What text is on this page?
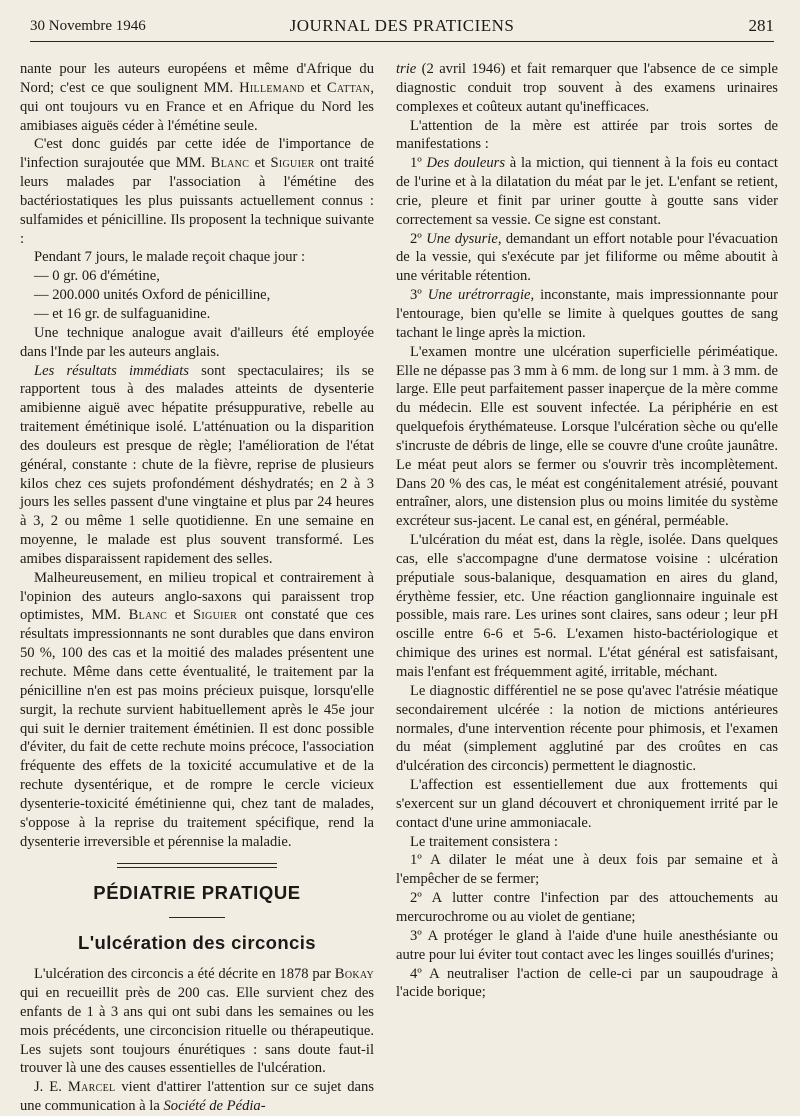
30 Novembre 1946	JOURNAL DES PRATICIENS	281

nante pour les auteurs européens et même d'Afrique du Nord; c'est ce que soulignent MM. Hillemand et Cattan, qui ont toujours vu en France et en Afrique du Nord les amibiases aiguës céder à l'émétine seule.

C'est donc guidés par cette idée de l'importance de l'infection surajoutée que MM. Blanc et Siguier ont traité leurs malades par l'association à l'émétine des bactériostatiques les plus puissants actuellement connus : sulfamides et pénicilline. Ils proposent la technique suivante :

Pendant 7 jours, le malade reçoit chaque jour :

— 0 gr. 06 d'émétine,

— 200.000 unités Oxford de pénicilline,

— et 16 gr. de sulfaguanidine.

Une technique analogue avait d'ailleurs été employée dans l'Inde par les auteurs anglais.

Les résultats immédiats sont spectaculaires; ils se rapportent tous à des malades atteints de dysenterie amibienne aiguë avec hépatite présuppurative, rebelle au traitement émétinique isolé. L'atténuation ou la disparition des douleurs est presque de règle; l'amélioration de l'état général, constante : chute de la fièvre, reprise de plusieurs kilos chez ces sujets profondément déshydratés; en 2 à 3 jours les selles passent d'une vingtaine et plus par 24 heures à 3, 2 ou même 1 selle quotidienne. En une semaine en moyenne, le malade est plus souvent transformé. Les amibes disparaissent rapidement des selles.

Malheureusement, en milieu tropical et contrairement à l'opinion des auteurs anglo-saxons qui paraissent trop optimistes, MM. Blanc et Siguier ont constaté que ces résultats impressionnants ne sont durables que dans environ 50 %, 100 des cas et la moitié des malades présentent une rechute. Même dans cette éventualité, le traitement par la pénicilline n'en est pas moins précieux puisque, lorsqu'elle surgit, la rechute survient habituellement après le 45e jour qui suit le dernier traitement émétinien. Il est donc possible d'éviter, du fait de cette rechute moins précoce, l'association fréquente des effets de la toxicité accumulative et de la rechute dysentérique, et de rompre le cercle vicieux dysenterie-toxicité émétinienne qui, chez tant de malades, s'oppose à la reprise du traitement spécifique, rend la dysenterie irreversible et pérennise la maladie.

PÉDIATRIE PRATIQUE
L'ulcération des circoncis

L'ulcération des circoncis a été décrite en 1878 par Bokay qui en recueillit près de 200 cas. Elle survient chez des enfants de 1 à 3 ans qui ont subi dans les semaines ou les mois précédents, une circoncision rituelle ou thérapeutique. Les sujets sont toujours énurétiques : sans doute faut-il trouver là une des causes essentielles de l'ulcération.

J. E. Marcel vient d'attirer l'attention sur ce sujet dans une communication à la Société de Pédia-

trie (2 avril 1946) et fait remarquer que l'absence de ce simple diagnostic conduit trop souvent à des examens urinaires complexes et coûteux autant qu'inefficaces.

L'attention de la mère est attirée par trois sortes de manifestations :

1º Des douleurs à la miction, qui tiennent à la fois eu contact de l'urine et à la dilatation du méat par le jet. L'enfant se retient, crie, pleure et finit par uriner goutte à goutte sans vider correctement sa vessie. Ce signe est constant.

2º Une dysurie, demandant un effort notable pour l'évacuation de la vessie, qui s'exécute par jet filiforme ou même aboutit à une véritable rétention.

3º Une urétrorragie, inconstante, mais impressionnante pour l'entourage, bien qu'elle se limite à quelques gouttes de sang tachant le linge après la miction.

L'examen montre une ulcération superficielle périméatique. Elle ne dépasse pas 3 mm à 6 mm. de long sur 1 mm. à 3 mm. de large. Elle peut parfaitement passer inaperçue de la mère comme du médecin. Elle est souvent infectée. La périphérie en est quelquefois érythémateuse. Lorsque l'ulcération sèche ou qu'elle s'incruste de débris de linge, elle se couvre d'une croûte jaunâtre. Le méat peut alors se fermer ou s'ouvrir très incomplètement. Dans 20 % des cas, le méat est congénitalement atrésié, pouvant entraîner, alors, une distension plus ou moins limitée du système excréteur sus-jacent. Le canal est, en général, perméable.

L'ulcération du méat est, dans la règle, isolée. Dans quelques cas, elle s'accompagne d'une dermatose voisine : ulcération préputiale sous-balanique, desquamation en aires du gland, érythème fessier, etc. Une réaction ganglionnaire inguinale est possible, mais rare. Les urines sont claires, sans odeur ; leur pH oscille entre 6-6 et 5-6. L'examen histo-bactériologique et chimique des urines est normal. L'état général est satisfaisant, mais l'enfant est fréquemment agité, irritable, méchant.

Le diagnostic différentiel ne se pose qu'avec l'atrésie méatique secondairement ulcérée : la notion de mictions antérieures normales, d'une intervention récente pour phimosis, et l'examen du méat (simplement agglutiné par des croûtes en cas d'ulcération des circoncis) permettent le diagnostic.

L'affection est essentiellement due aux frottements qui s'exercent sur un gland découvert et chroniquement irrité par le contact d'une urine ammoniacale.

Le traitement consistera :

1º A dilater le méat une à deux fois par semaine et à l'empêcher de se fermer;

2º A lutter contre l'infection par des attouchements au mercurochrome ou au violet de gentiane;

3º A protéger le gland à l'aide d'une huile anesthésiante ou autre pour lui éviter tout contact avec les linges souillés d'urines;

4º A neutraliser l'action de celle-ci par un saupoudrage à l'acide borique;
